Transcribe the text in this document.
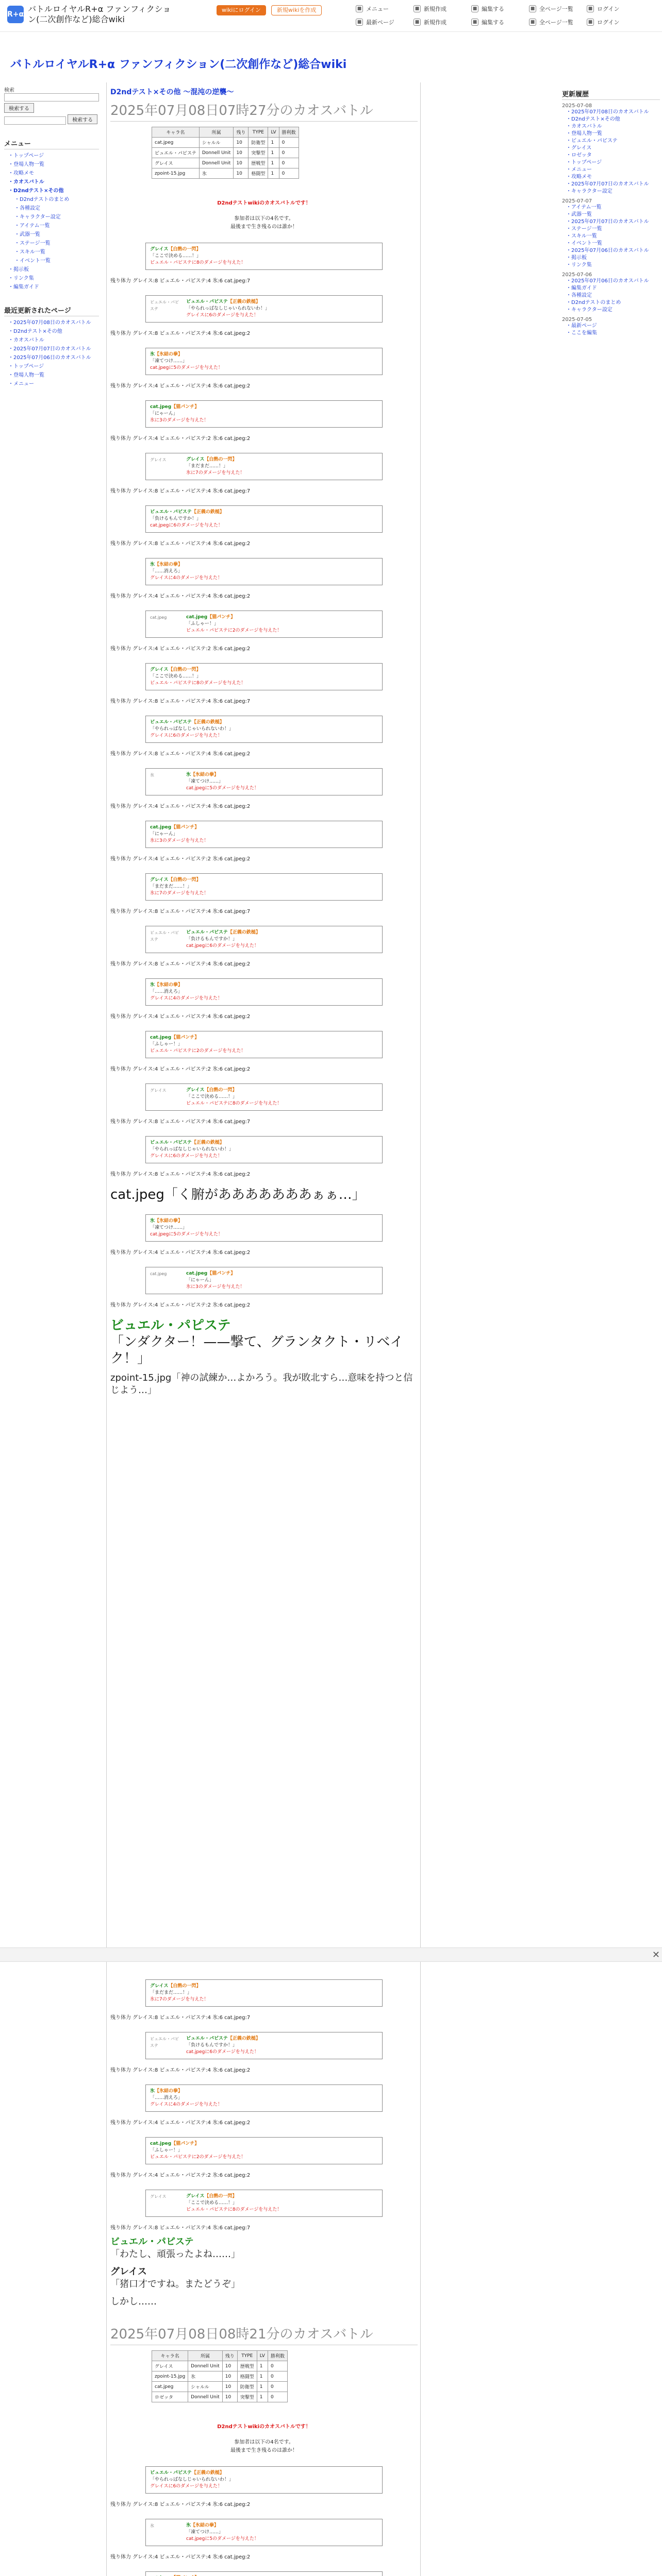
R+α
バトルロイヤルR+α ファンフィクション(二次創作など)総合wiki
wikiにログイン	新規wikiを作成	■ メニュー	■ 新規作成	■ 編集する	■ 全ページ一覧	■ ログイン
■ 最新ページ	■ 新規作成	■ 編集する	■ 全ページ一覧	■ ログイン
バトルロイヤルR+α ファンフィクション(二次創作など)総合wiki
検索
検索する
検索する
メニュー
・トップページ
・登場人物一覧
・攻略メモ
・カオスバトル
・D2ndテスト×その他
・D2ndテストのまとめ
・各種設定
・キャラクター設定
・アイテム一覧
・武器一覧
・ステージ一覧
・スキル一覧
・イベント一覧
・掲示板
・リンク集
・編集ガイド
最近更新されたページ
・2025年07月08日のカオスバトル
・D2ndテスト×その他
・カオスバトル
・2025年07月07日のカオスバトル
・2025年07月06日のカオスバトル
・トップページ
・登場人物一覧
・メニュー
更新履歴
2025-07-08
・2025年07月08日のカオスバトル
・D2ndテスト×その他
・カオスバトル
・登場人物一覧
・ビュエル・パピステ
・グレイス
・ロゼッタ
・トップページ
・メニュー
・攻略メモ
・2025年07月07日のカオスバトル
・キャラクター設定
2025-07-07
・アイテム一覧
・武器一覧
・2025年07月07日のカオスバトル
・ステージ一覧
・スキル一覧
・イベント一覧
・2025年07月06日のカオスバトル
・掲示板
・リンク集
2025-07-06
・2025年07月06日のカオスバトル
・編集ガイド
・各種設定
・D2ndテストのまとめ
・キャラクター設定
2025-07-05
・最新ページ
・ここを編集
D2ndテスト×その他 〜混沌の逆襲〜
2025年07月08日07時27分のカオスバトル
キャラ名	所属	残り	TYPE	LV	勝利数
cat.jpeg	シャルル	10	防衛型	1	0
ビュエル・パピステ	Donnell Unit	10	突撃型	1	0
グレイス	Donnell Unit	10	歴戦型	1	0
zpoint-15.jpg	氷	10	格闘型	1	0
D2ndテストwikiのカオスバトルです！
参加者は以下の4名です。
最後まで生き残るのは誰か！
グレイス【白熱の一閃】
「ここで決める……！」
ビュエル・パピステに8のダメージを与えた！
残り体力 グレイス:8 ビュエル・パピステ:4 氷:6 cat.jpeg:7
ビュエル・パピステ
ビュエル・パピステ【正義の鉄槌】
「やられっぱなしじゃいられないわ！」
グレイスに6のダメージを与えた！
残り体力 グレイス:8 ビュエル・パピステ:4 氷:6 cat.jpeg:2
氷【氷結の拳】
「凍てつけ……」
cat.jpegに5のダメージを与えた！
残り体力 グレイス:4 ビュエル・パピステ:4 氷:6 cat.jpeg:2
cat.jpeg【猫パンチ】
「にゃーん」
氷に3のダメージを与えた！
残り体力 グレイス:4 ビュエル・パピステ:2 氷:6 cat.jpeg:2
グレイス	グレイス【白熱の一閃】
「まだまだ……！」
氷に7のダメージを与えた！
残り体力 グレイス:8 ビュエル・パピステ:4 氷:6 cat.jpeg:7
ビュエル・パピステ【正義の鉄槌】
「負けるもんですか！」
cat.jpegに6のダメージを与えた！
残り体力 グレイス:8 ビュエル・パピステ:4 氷:6 cat.jpeg:2
氷【氷結の拳】
「……消えろ」
グレイスに4のダメージを与えた！
残り体力 グレイス:4 ビュエル・パピステ:4 氷:6 cat.jpeg:2
cat.jpeg	cat.jpeg【猫パンチ】
「ふしゃー！」
ビュエル・パピステに2のダメージを与えた！
残り体力 グレイス:4 ビュエル・パピステ:2 氷:6 cat.jpeg:2
グレイス【白熱の一閃】
「ここで決める……！」
ビュエル・パピステに8のダメージを与えた！
残り体力 グレイス:8 ビュエル・パピステ:4 氷:6 cat.jpeg:7
ビュエル・パピステ【正義の鉄槌】
「やられっぱなしじゃいられないわ！」
グレイスに6のダメージを与えた！
残り体力 グレイス:8 ビュエル・パピステ:4 氷:6 cat.jpeg:2
氷	氷【氷結の拳】
「凍てつけ……」
cat.jpegに5のダメージを与えた！
残り体力 グレイス:4 ビュエル・パピステ:4 氷:6 cat.jpeg:2
cat.jpeg【猫パンチ】
「にゃーん」
氷に3のダメージを与えた！
残り体力 グレイス:4 ビュエル・パピステ:2 氷:6 cat.jpeg:2
グレイス【白熱の一閃】
「まだまだ……！」
氷に7のダメージを与えた！
残り体力 グレイス:8 ビュエル・パピステ:4 氷:6 cat.jpeg:7
ビュエル・パピステ
ビュエル・パピステ【正義の鉄槌】
「負けるもんですか！」
cat.jpegに6のダメージを与えた！
残り体力 グレイス:8 ビュエル・パピステ:4 氷:6 cat.jpeg:2
氷【氷結の拳】
「……消えろ」
グレイスに4のダメージを与えた！
残り体力 グレイス:4 ビュエル・パピステ:4 氷:6 cat.jpeg:2
cat.jpeg【猫パンチ】
「ふしゃー！」
ビュエル・パピステに2のダメージを与えた！
残り体力 グレイス:4 ビュエル・パピステ:2 氷:6 cat.jpeg:2
グレイス	グレイス【白熱の一閃】
「ここで決める……！」
ビュエル・パピステに8のダメージを与えた！
残り体力 グレイス:8 ビュエル・パピステ:4 氷:6 cat.jpeg:7
ビュエル・パピステ【正義の鉄槌】
「やられっぱなしじゃいられないわ！」
グレイスに6のダメージを与えた！
残り体力 グレイス:8 ビュエル・パピステ:4 氷:6 cat.jpeg:2
cat.jpeg「く腑があああああああぁぁ…」
氷【氷結の拳】
「凍てつけ……」
cat.jpegに5のダメージを与えた！
残り体力 グレイス:4 ビュエル・パピステ:4 氷:6 cat.jpeg:2
cat.jpeg	cat.jpeg【猫パンチ】
「にゃーん」
氷に3のダメージを与えた！
残り体力 グレイス:4 ビュエル・パピステ:2 氷:6 cat.jpeg:2
ビュエル・パピステ
「ンダクター！——撃て、グランタクト・リベイク！」
zpoint-15.jpg「神の試練か…よかろう。我が敗北すら…意味を持つと信じよう…」
✕
グレイス【白熱の一閃】
「まだまだ……！」
氷に7のダメージを与えた！
残り体力 グレイス:8 ビュエル・パピステ:4 氷:6 cat.jpeg:7
ビュエル・パピステ
ビュエル・パピステ【正義の鉄槌】
「負けるもんですか！」
cat.jpegに6のダメージを与えた！
残り体力 グレイス:8 ビュエル・パピステ:4 氷:6 cat.jpeg:2
氷【氷結の拳】
「……消えろ」
グレイスに4のダメージを与えた！
残り体力 グレイス:4 ビュエル・パピステ:4 氷:6 cat.jpeg:2
cat.jpeg【猫パンチ】
「ふしゃー！」
ビュエル・パピステに2のダメージを与えた！
残り体力 グレイス:4 ビュエル・パピステ:2 氷:6 cat.jpeg:2
グレイス	グレイス【白熱の一閃】
「ここで決める……！」
ビュエル・パピステに8のダメージを与えた！
残り体力 グレイス:8 ビュエル・パピステ:4 氷:6 cat.jpeg:7
ビュエル・パピステ
「わたし、頑張ったよね……」
グレイス
「猪口才ですね。またどうぞ」
しかし……
2025年07月08日08時21分のカオスバトル
キャラ名	所属	残り	TYPE	LV	勝利数
グレイス	Donnell Unit	10	歴戦型	1	0
zpoint-15.jpg	氷	10	格闘型	1	0
cat.jpeg	シャルル	10	防衛型	1	0
ロゼッタ	Donnell Unit	10	突撃型	1	0
D2ndテストwikiのカオスバトルです！
参加者は以下の4名です。
最後まで生き残るのは誰か！
ビュエル・パピステ【正義の鉄槌】
「やられっぱなしじゃいられないわ！」
グレイスに6のダメージを与えた！
残り体力 グレイス:8 ビュエル・パピステ:4 氷:6 cat.jpeg:2
氷	氷【氷結の拳】
「凍てつけ……」
cat.jpegに5のダメージを与えた！
残り体力 グレイス:4 ビュエル・パピステ:4 氷:6 cat.jpeg:2
